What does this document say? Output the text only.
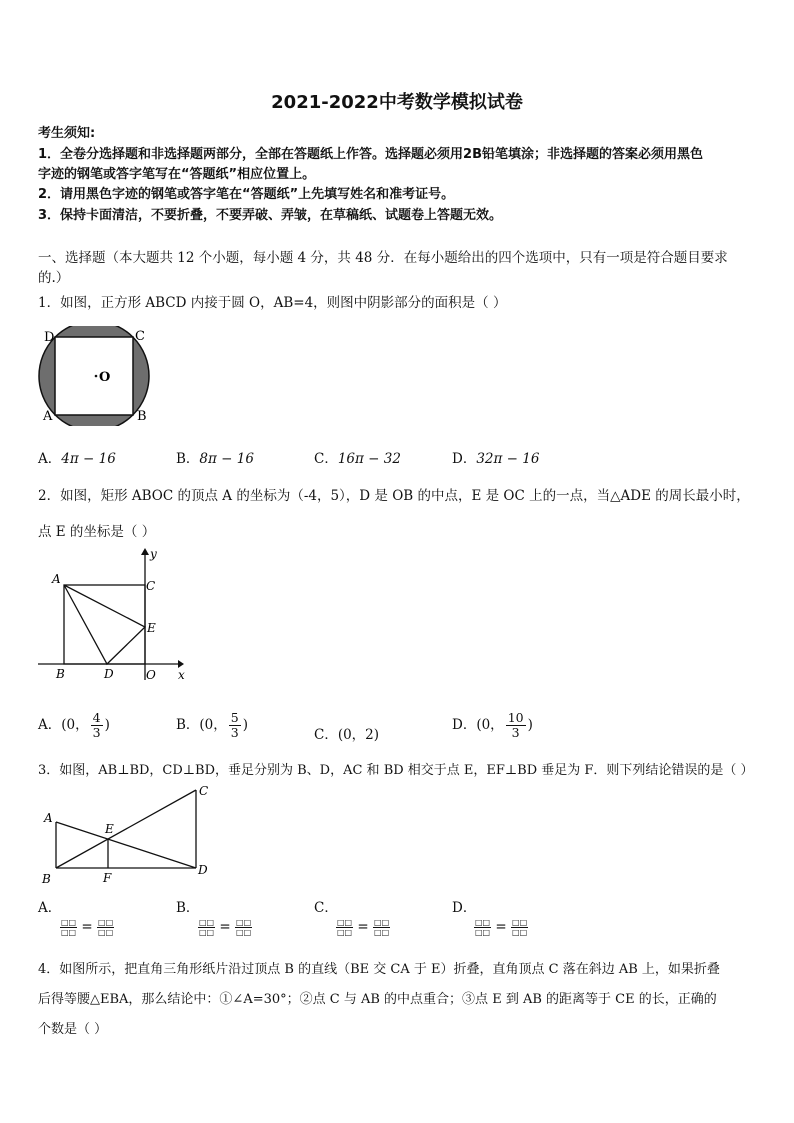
2021-2022中考数学模拟试卷
考生须知:
1．全卷分选择题和非选择题两部分，全部在答题纸上作答。选择题必须用2B铅笔填涂；非选择题的答案必须用黑色
字迹的钢笔或答字笔写在“答题纸”相应位置上。
2．请用黑色字迹的钢笔或答字笔在“答题纸”上先填写姓名和准考证号。
3．保持卡面清洁，不要折叠，不要弄破、弄皱，在草稿纸、试题卷上答题无效。
一、选择题（本大题共 12 个小题，每小题 4 分，共 48 分．在每小题给出的四个选项中，只有一项是符合题目要求
的.）
1．如图，正方形 ABCD 内接于圆 O，AB=4，则图中阴影部分的面积是（ ）
D	C
A	B
O
A．4π − 16	B．8π − 16	C．16π − 32	D．32π − 16
2．如图，矩形 ABOC 的顶点 A 的坐标为（-4，5），D 是 OB 的中点，E 是 OC 上的一点，当△ADE 的周长最小时，
点 E 的坐标是（ ）
A
B
C
D
E
O x
y
A．(0， $\frac{4}{3}$ )	B．(0， $\frac{5}{3}$ )
C．(0，2)
D．(0， $\frac{10}{3}$ )
3．如图，AB⊥BD，CD⊥BD，垂足分别为 B、D，AC 和 BD 相交于点 E，EF⊥BD 垂足为 F．则下列结论错误的是（ ）
A
B
C
D
E
F
A．
□□
□□ = □□
□□
B．
□□
□□ = □□
□□
C．
□□
□□ = □□
□□
D．
□□
□□ = □□
□□
4．如图所示，把直角三角形纸片沿过顶点 B 的直线（BE 交 CA 于 E）折叠，直角顶点 C 落在斜边 AB 上，如果折叠
后得等腰△EBA，那么结论中：①∠A=30°；②点 C 与 AB 的中点重合；③点 E 到 AB 的距离等于 CE 的长，正确的
个数是（ ）
